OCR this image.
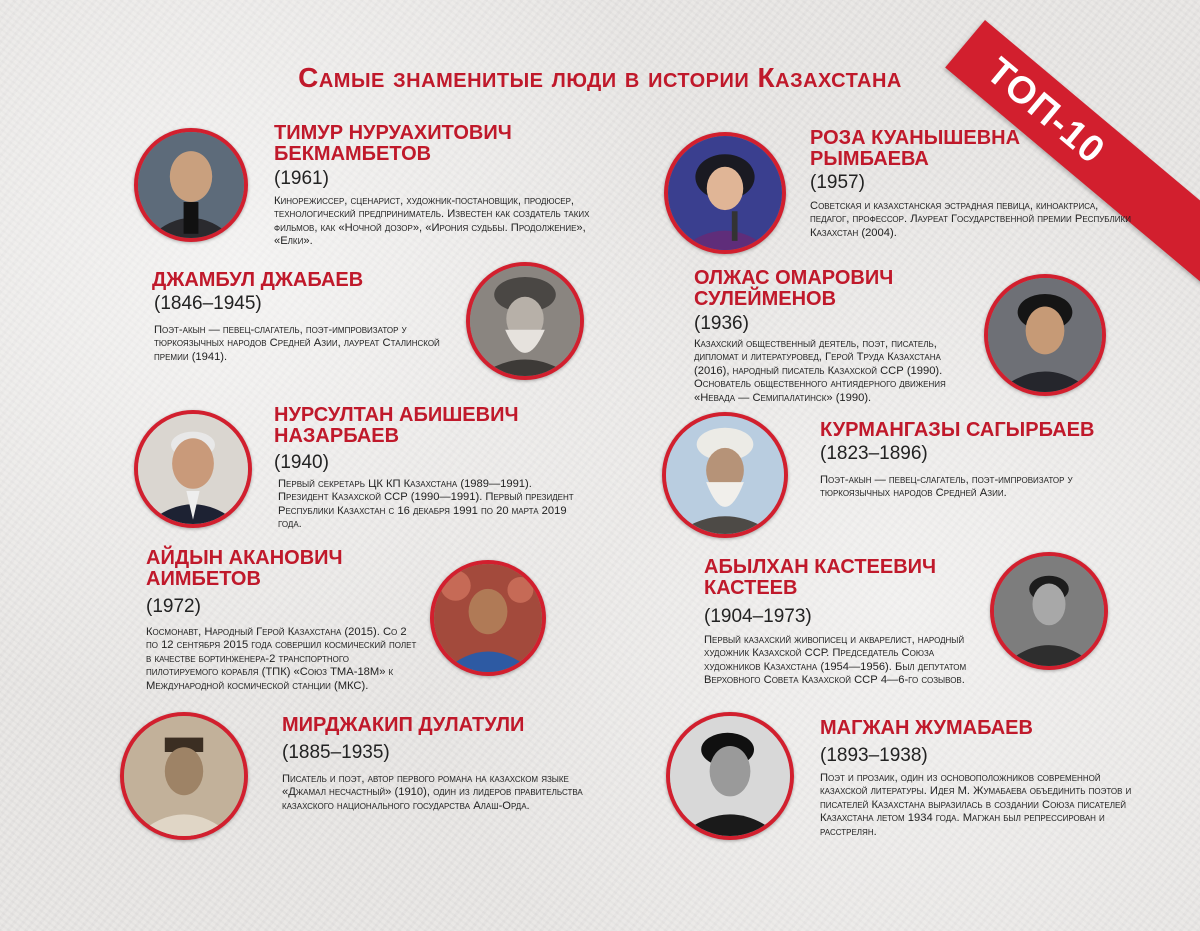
ТОП-10
Самые знаменитые люди в истории Казахстана
ТИМУР НУРУАХИТОВИЧ БЕКМАМБЕТОВ
(1961)

Кинорежиссер, сценарист, художник-постановщик, продюсер, технологический предприниматель. Известен как создатель таких фильмов, как «Ночной дозор», «Ирония судьбы. Продолжение», «Елки».

ДЖАМБУЛ ДЖАБАЕВ
(1846–1945)

Поэт-акын — певец-слагатель, поэт-импровизатор у тюркоязычных народов Средней Азии, лауреат Сталинской премии (1941).

НУРСУЛТАН АБИШЕВИЧ НАЗАРБАЕВ
(1940)

Первый секретарь ЦК КП Казахстана (1989—1991). Президент Казахской ССР (1990—1991). Первый президент Республики Казахстан с 16 декабря 1991 по 20 марта 2019 года.

АЙДЫН АКАНОВИЧ АИМБЕТОВ
(1972)

Космонавт, Народный Герой Казахстана (2015). Со 2 по 12 сентября 2015 года совершил космический полет в качестве бортинженера-2 транспортного пилотируемого корабля (ТПК) «Союз ТМА-18М» к Международной космической станции (МКС).

МИРДЖАКИП ДУЛАТУЛИ
(1885–1935)

Писатель и поэт, автор первого романа на казахском языке «Джамал несчастный» (1910), один из лидеров правительства казахского национального государства Алаш-Орда.

РОЗА КУАНЫШЕВНА РЫМБАЕВА
(1957)

Советская и казахстанская эстрадная певица, киноактриса, педагог, профессор. Лауреат Государственной премии Республики Казахстан (2004).

ОЛЖАС ОМАРОВИЧ СУЛЕЙМЕНОВ
(1936)

Казахский общественный деятель, поэт, писатель, дипломат и литературовед, Герой Труда Казахстана (2016), народный писатель Казахской ССР (1990). Основатель общественного антиядерного движения «Невада — Семипалатинск» (1990).

КУРМАНГАЗЫ САГЫРБАЕВ
(1823–1896)

Поэт-акын — певец-слагатель, поэт-импровизатор у тюркоязычных народов Средней Азии.

АБЫЛХАН КАСТЕЕВИЧ КАСТЕЕВ
(1904–1973)

Первый казахский живописец и акварелист, народный художник Казахской ССР. Председатель Союза художников Казахстана (1954—1956). Был депутатом Верховного Совета Казахской ССР 4—6-го созывов.

МАГЖАН ЖУМАБАЕВ
(1893–1938)

Поэт и прозаик, один из основоположников современной казахской литературы. Идея М. Жумабаева объединить поэтов и писателей Казахстана выразилась в создании Союза писателей Казахстана летом 1934 года. Магжан был репрессирован и расстрелян.
